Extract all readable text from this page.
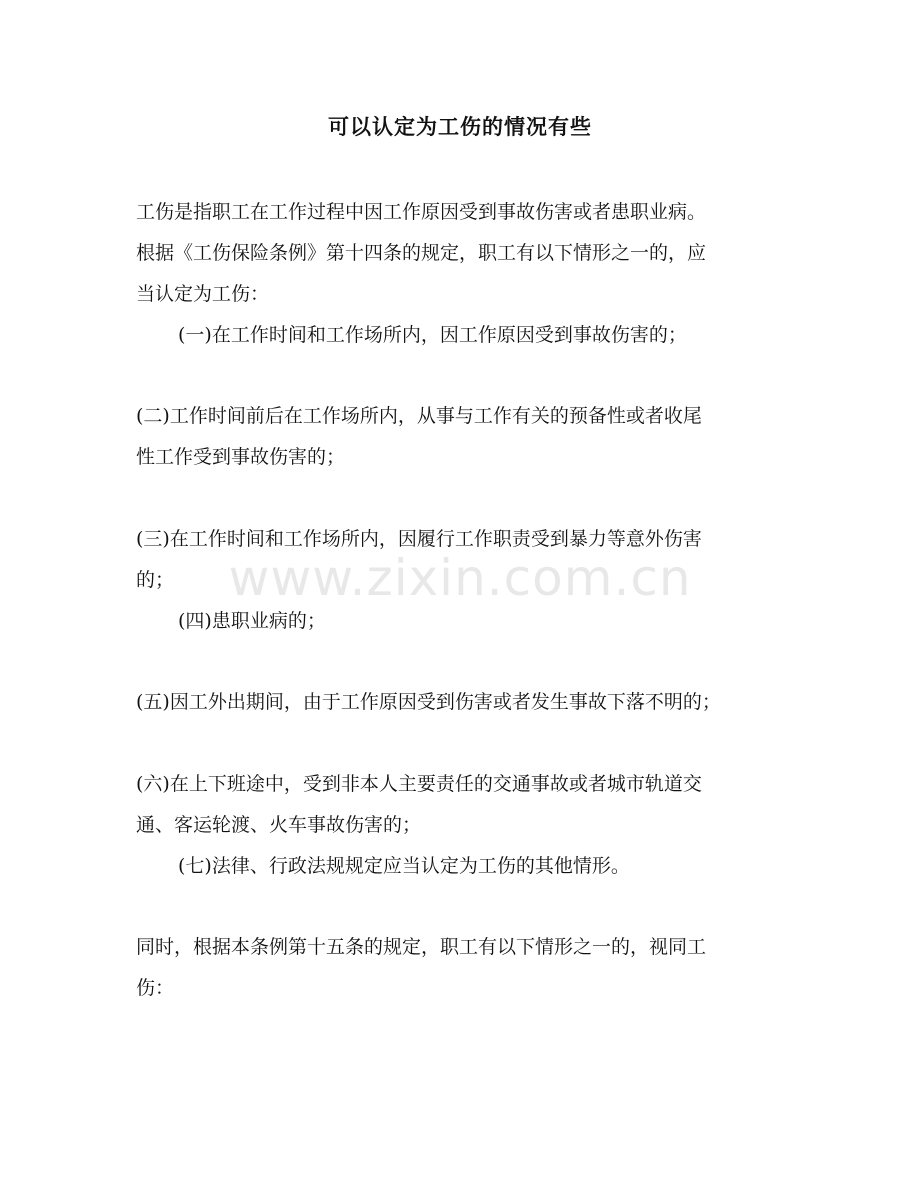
可以认定为工伤的情况有些
工伤是指职工在工作过程中因工作原因受到事故伤害或者患职业病。
根据《工伤保险条例》第十四条的规定，职工有以下情形之一的，应
当认定为工伤：
(一)在工作时间和工作场所内，因工作原因受到事故伤害的；
(二)工作时间前后在工作场所内，从事与工作有关的预备性或者收尾
性工作受到事故伤害的；
(三)在工作时间和工作场所内，因履行工作职责受到暴力等意外伤害
的；
(四)患职业病的；
(五)因工外出期间，由于工作原因受到伤害或者发生事故下落不明的；
(六)在上下班途中，受到非本人主要责任的交通事故或者城市轨道交
通、客运轮渡、火车事故伤害的；
(七)法律、行政法规规定应当认定为工伤的其他情形。
同时，根据本条例第十五条的规定，职工有以下情形之一的，视同工
伤：
www.zixin.com.cn
